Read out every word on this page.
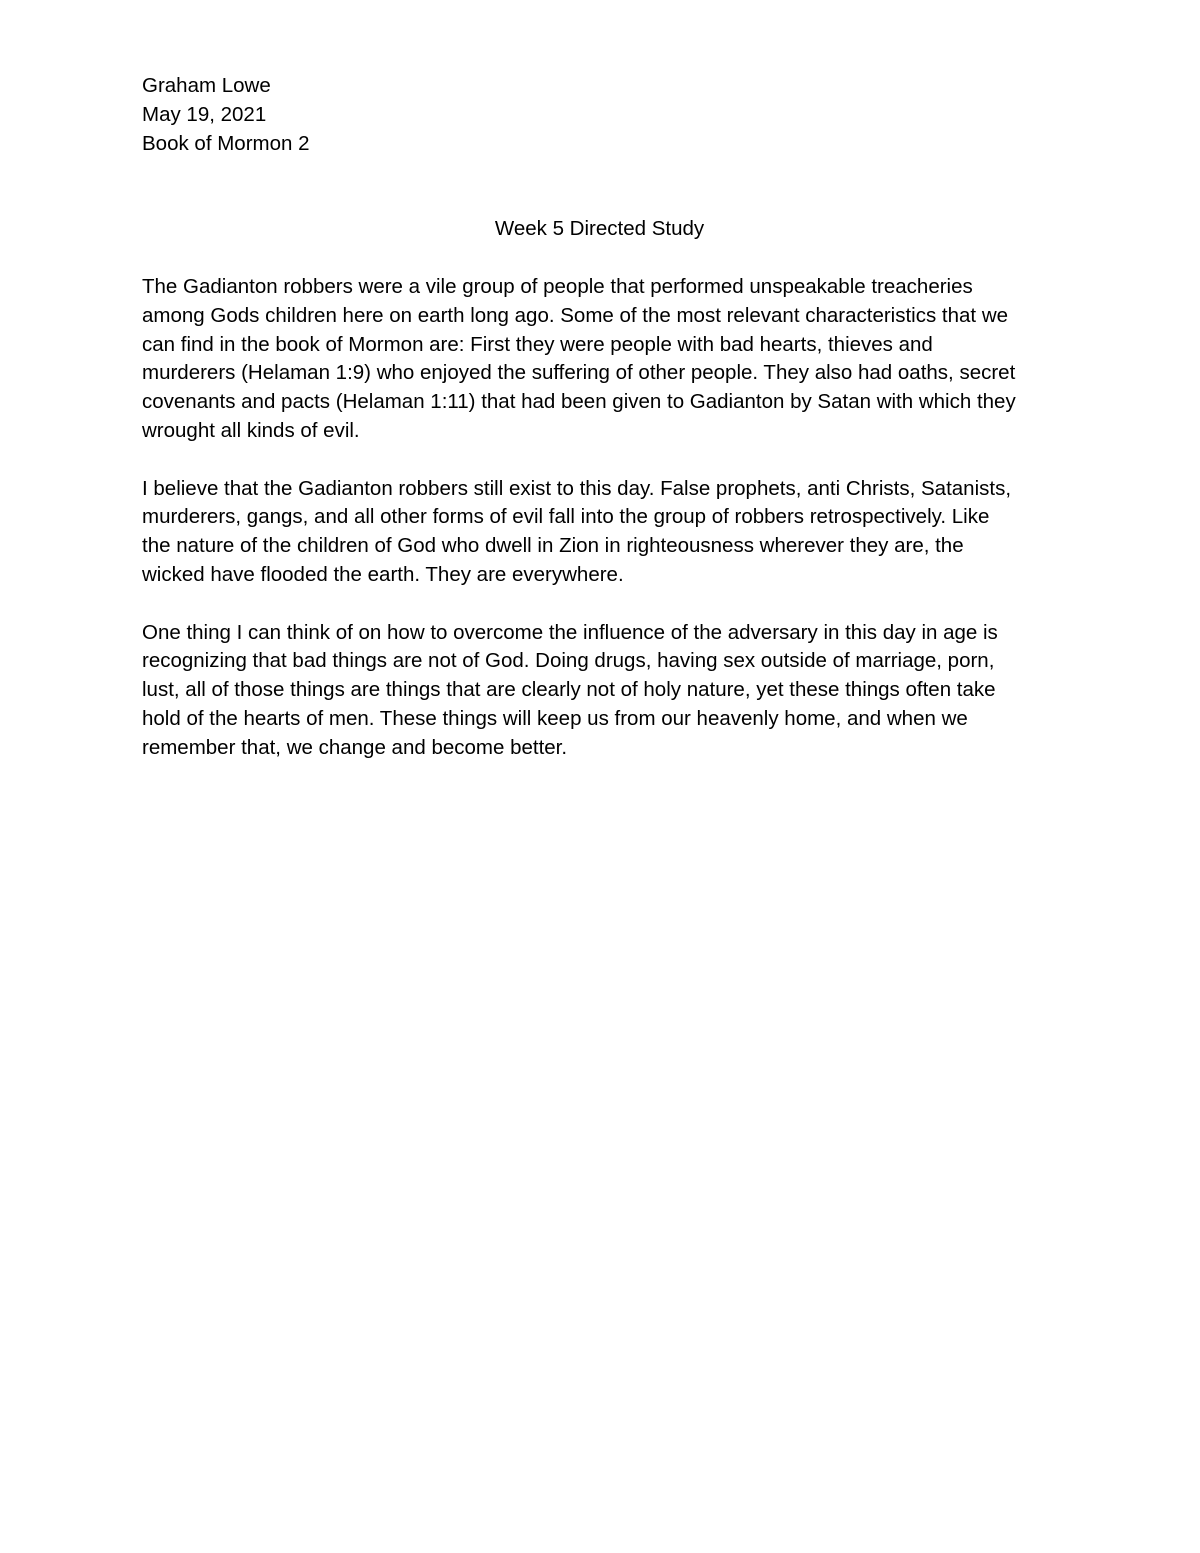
Graham Lowe

May 19, 2021

Book of Mormon 2

Week 5 Directed Study

The Gadianton robbers were a vile group of people that performed unspeakable treacheries
among Gods children here on earth long ago. Some of the most relevant characteristics that we
can find in the book of Mormon are: First they were people with bad hearts, thieves and
murderers (Helaman 1:9) who enjoyed the suffering of other people. They also had oaths, secret
covenants and pacts (Helaman 1:11) that had been given to Gadianton by Satan with which they
wrought all kinds of evil.

I believe that the Gadianton robbers still exist to this day. False prophets, anti Christs, Satanists,
murderers, gangs, and all other forms of evil fall into the group of robbers retrospectively. Like
the nature of the children of God who dwell in Zion in righteousness wherever they are, the
wicked have flooded the earth. They are everywhere.

One thing I can think of on how to overcome the influence of the adversary in this day in age is
recognizing that bad things are not of God. Doing drugs, having sex outside of marriage, porn,
lust, all of those things are things that are clearly not of holy nature, yet these things often take
hold of the hearts of men. These things will keep us from our heavenly home, and when we
remember that, we change and become better.
